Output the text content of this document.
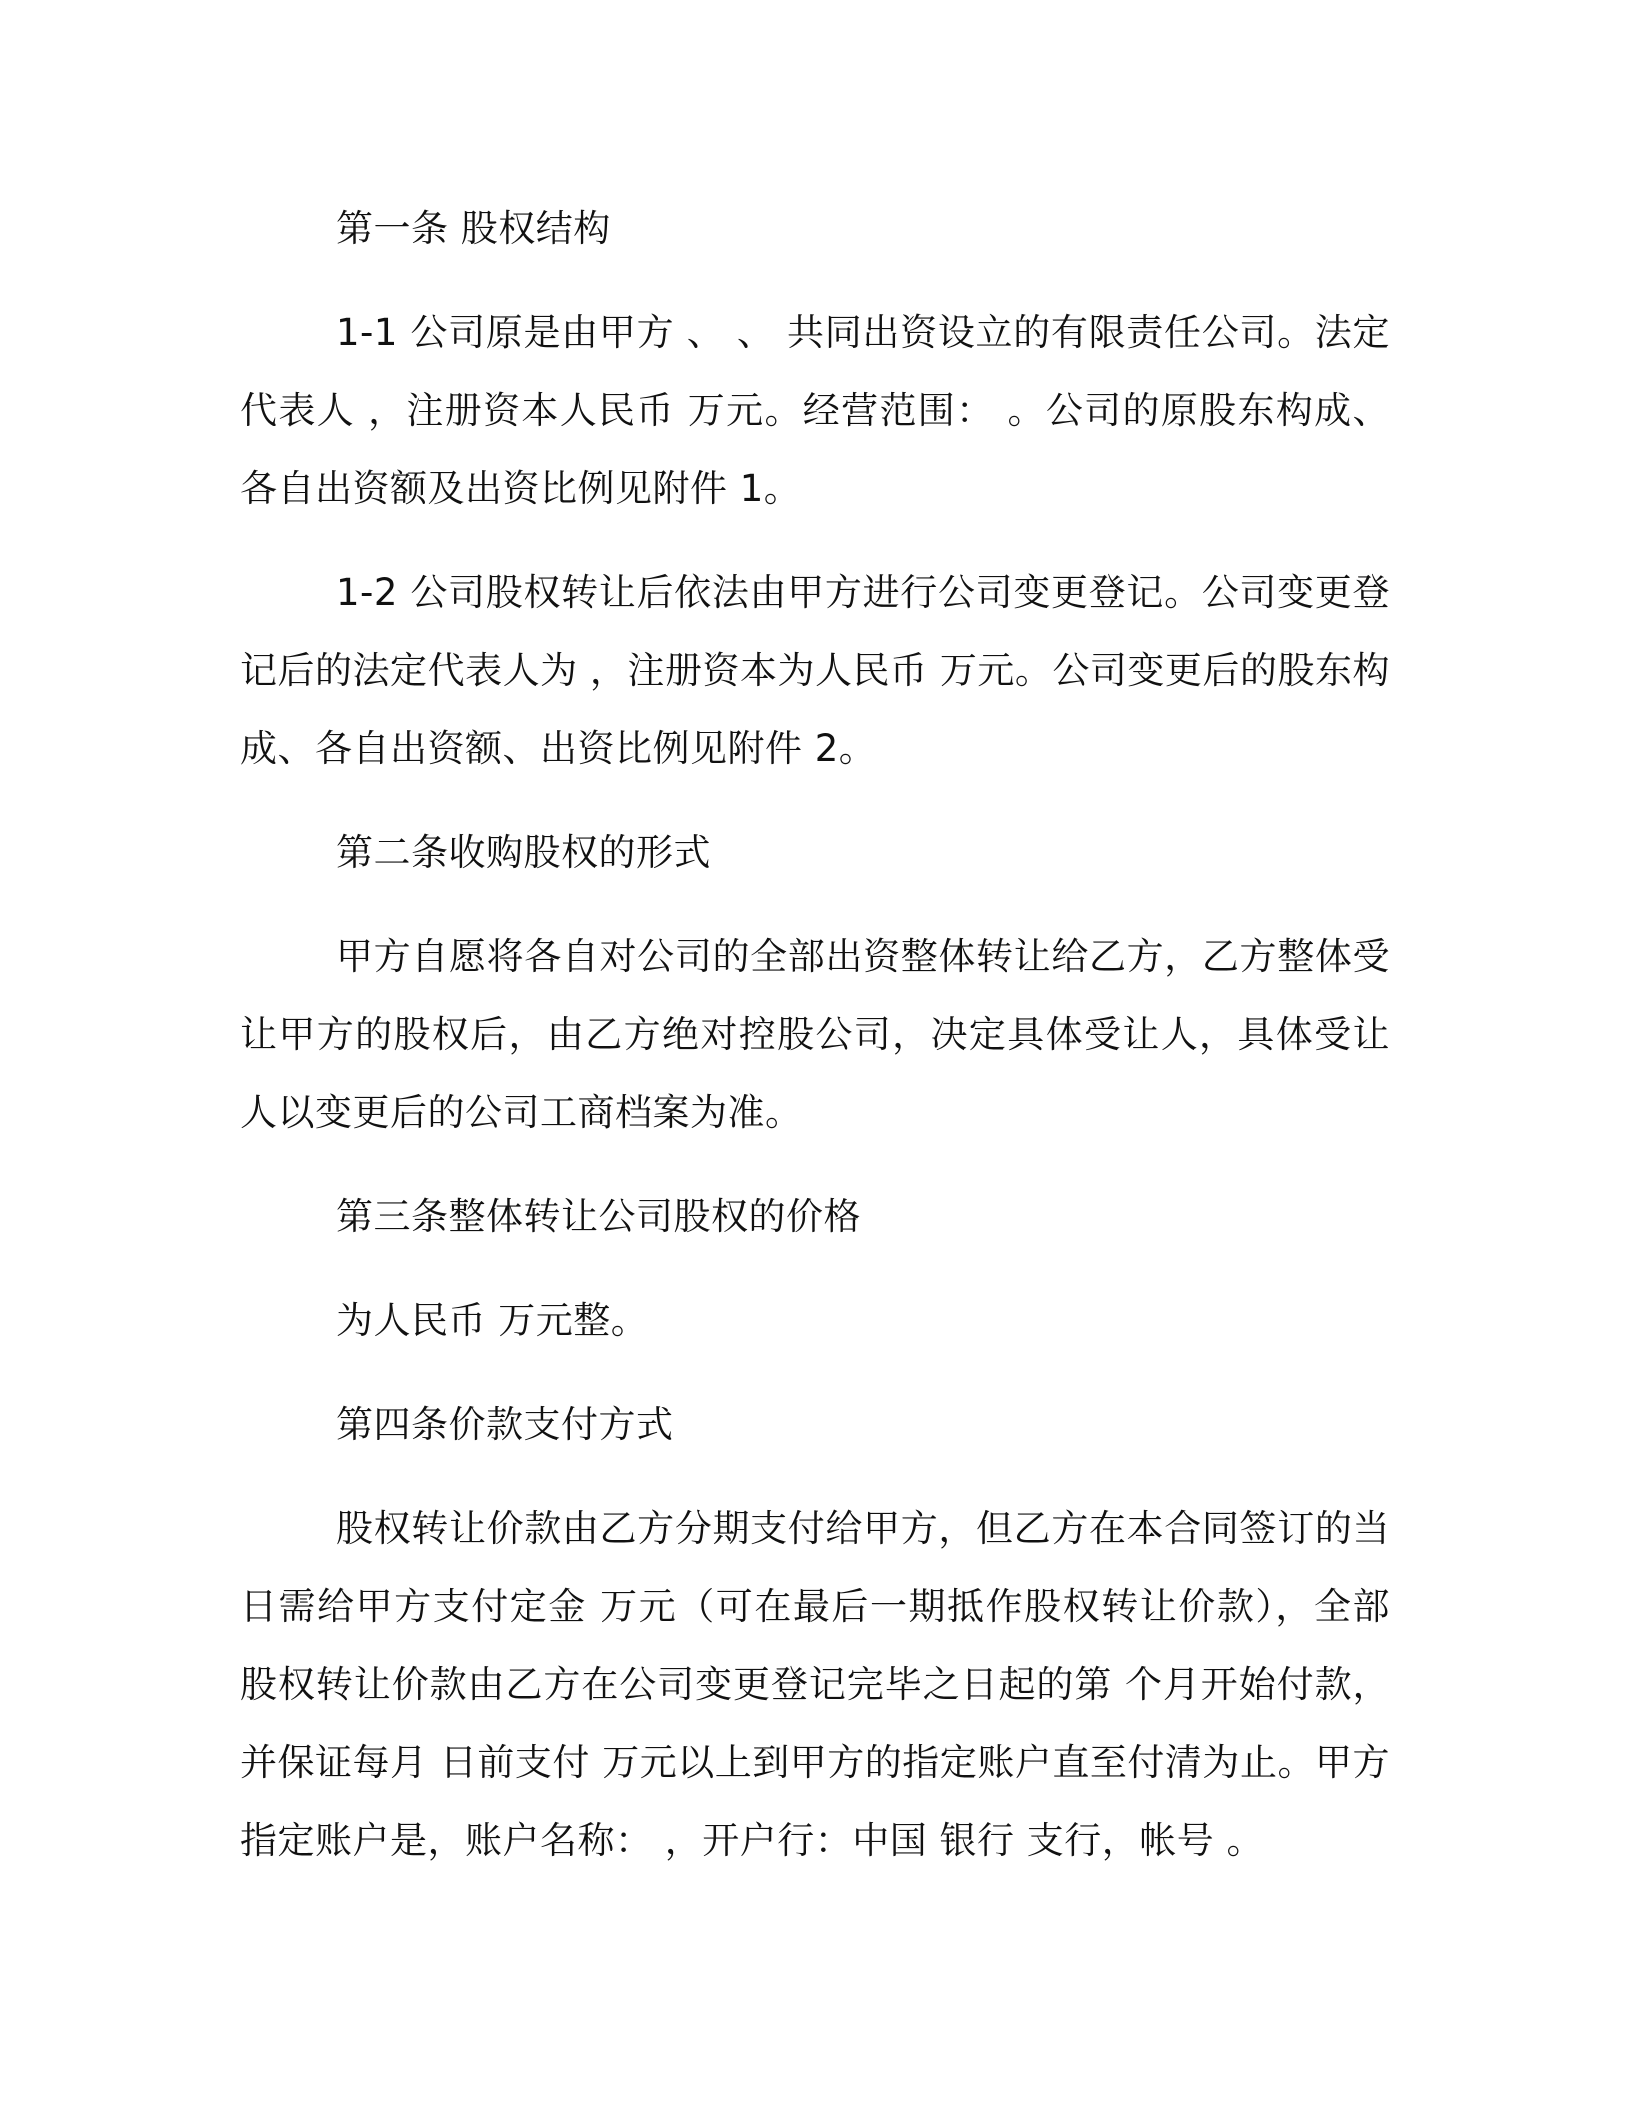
第一条 股权结构

1-1 公司原是由甲方 、 、 共同出资设立的有限责任公司。法定代表人 ，注册资本人民币 万元。经营范围： 。公司的原股东构成、各自出资额及出资比例见附件 1。

1-2 公司股权转让后依法由甲方进行公司变更登记。公司变更登记后的法定代表人为 ，注册资本为人民币 万元。公司变更后的股东构成、各自出资额、出资比例见附件 2。

第二条收购股权的形式

甲方自愿将各自对公司的全部出资整体转让给乙方，乙方整体受让甲方的股权后，由乙方绝对控股公司，决定具体受让人，具体受让人以变更后的公司工商档案为准。

第三条整体转让公司股权的价格

为人民币 万元整。

第四条价款支付方式

股权转让价款由乙方分期支付给甲方，但乙方在本合同签订的当日需给甲方支付定金 万元（可在最后一期抵作股权转让价款），全部股权转让价款由乙方在公司变更登记完毕之日起的第 个月开始付款，并保证每月 日前支付 万元以上到甲方的指定账户直至付清为止。甲方指定账户是，账户名称： ，开户行：中国 银行 支行，帐号 。
